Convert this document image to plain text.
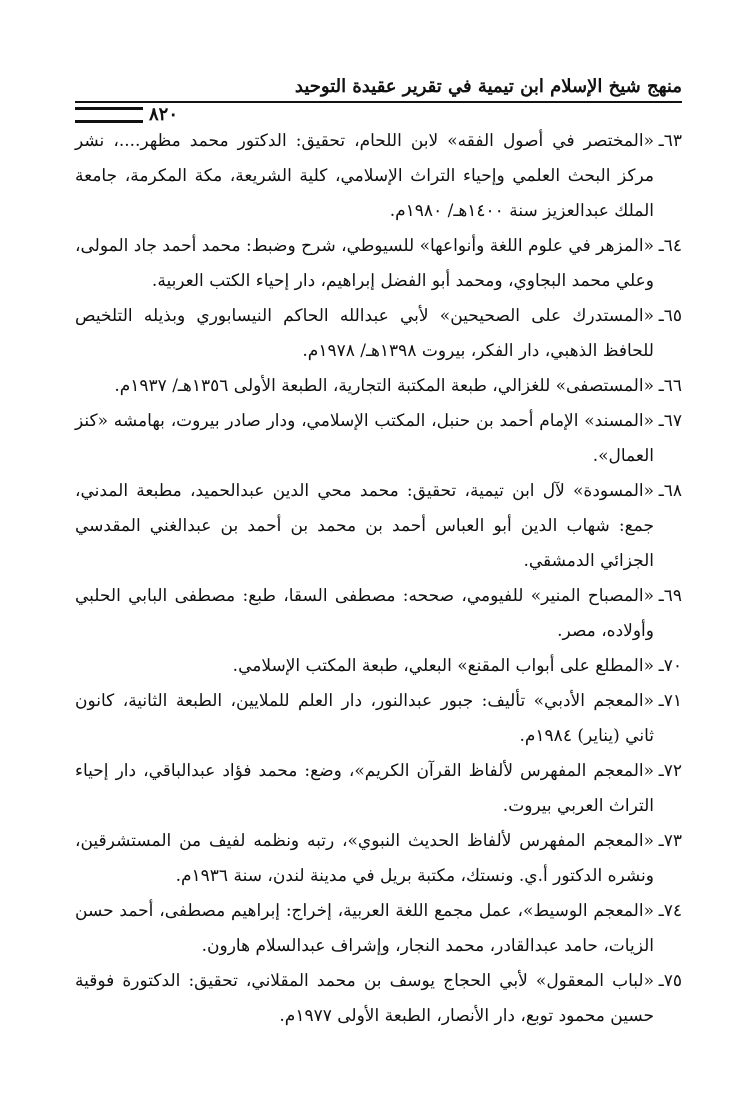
منهج شيخ الإسلام ابن تيمية في تقرير عقيدة التوحيد
٨٢٠

٦٣ـ«المختصر في أصول الفقه» لابن اللحام، تحقيق: الدكتور محمد مظهر....، نشر مركز البحث العلمي وإحياء التراث الإسلامي، كلية الشريعة، مكة المكرمة، جامعة الملك عبدالعزيز سنة ١٤٠٠هـ/ ١٩٨٠م.

٦٤ـ«المزهر في علوم اللغة وأنواعها» للسيوطي، شرح وضبط: محمد أحمد جاد المولى، وعلي محمد البجاوي، ومحمد أبو الفضل إبراهيم، دار إحياء الكتب العربية.

٦٥ـ«المستدرك على الصحيحين» لأبي عبدالله الحاكم النيسابوري وبذيله التلخيص للحافظ الذهبي، دار الفكر، بيروت ١٣٩٨هـ/ ١٩٧٨م.

٦٦ـ«المستصفى» للغزالي، طبعة المكتبة التجارية، الطبعة الأولى ١٣٥٦هـ/ ١٩٣٧م.

٦٧ـ«المسند» الإمام أحمد بن حنبل، المكتب الإسلامي، ودار صادر بيروت، بهامشه «كنز العمال».

٦٨ـ«المسودة» لآل ابن تيمية، تحقيق: محمد محي الدين عبدالحميد، مطبعة المدني، جمع: شهاب الدين أبو العباس أحمد بن محمد بن أحمد بن عبدالغني المقدسي الجزائي الدمشقي.

٦٩ـ«المصباح المنير» للفيومي، صححه: مصطفى السقا، طبع: مصطفى البابي الحلبي وأولاده، مصر.

٧٠ـ«المطلع على أبواب المقنع» البعلي، طبعة المكتب الإسلامي.

٧١ـ«المعجم الأدبي» تأليف: جبور عبدالنور، دار العلم للملايين، الطبعة الثانية، كانون ثاني (يناير) ١٩٨٤م.

٧٢ـ«المعجم المفهرس لألفاظ القرآن الكريم»، وضع: محمد فؤاد عبدالباقي، دار إحياء التراث العربي بيروت.

٧٣ـ«المعجم المفهرس لألفاظ الحديث النبوي»، رتبه ونظمه لفيف من المستشرقين، ونشره الدكتور أ.ي. ونستك، مكتبة بريل في مدينة لندن، سنة ١٩٣٦م.

٧٤ـ«المعجم الوسيط»، عمل مجمع اللغة العربية، إخراج: إبراهيم مصطفى، أحمد حسن الزيات، حامد عبدالقادر، محمد النجار، وإشراف عبدالسلام هارون.

٧٥ـ«لباب المعقول» لأبي الحجاج يوسف بن محمد المقلاني، تحقيق: الدكتورة فوقية حسين محمود توبع، دار الأنصار، الطبعة الأولى ١٩٧٧م.
